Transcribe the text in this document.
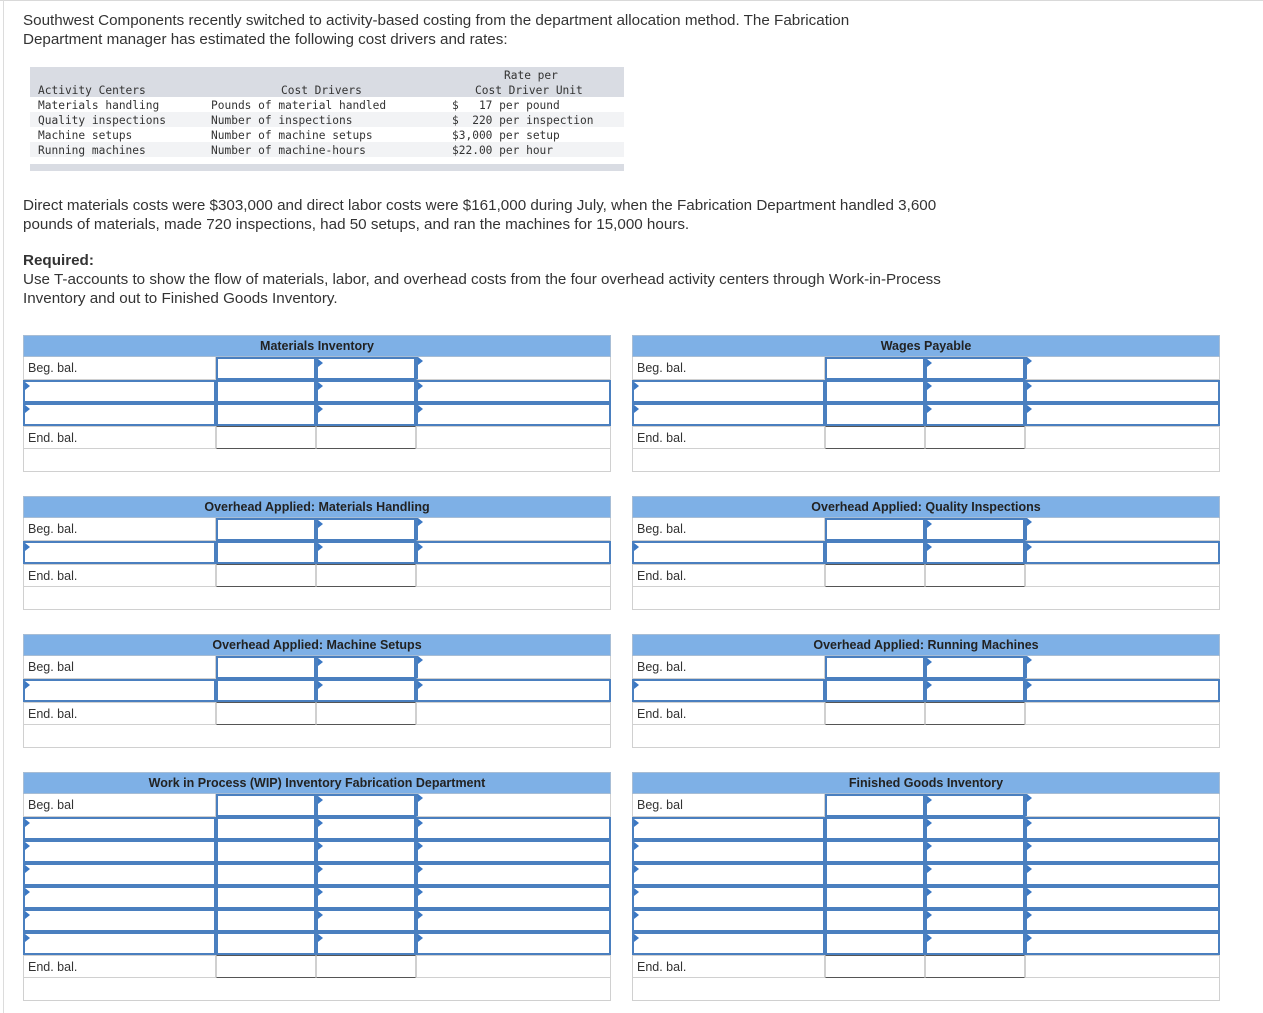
Southwest Components recently switched to activity-based costing from the department allocation method. The Fabrication Department manager has estimated the following cost drivers and rates:

Rate per
Activity Centers	Cost Drivers	Cost Driver Unit
Materials handling	Pounds of material handled	$   17 per pound
Quality inspections	Number of inspections	$  220 per inspection
Machine setups	Number of machine setups	$3,000 per setup
Running machines	Number of machine-hours	$22.00 per hour

Direct materials costs were $303,000 and direct labor costs were $161,000 during July, when the Fabrication Department handled 3,600 pounds of materials, made 720 inspections, had 50 setups, and ran the machines for 15,000 hours.

Required:

Use T-accounts to show the flow of materials, labor, and overhead costs from the four overhead activity centers through Work-in-Process Inventory and out to Finished Goods Inventory.

Materials Inventory
Beg. bal.
End. bal.
Wages Payable
Beg. bal.
End. bal.
Overhead Applied: Materials Handling
Beg. bal.
End. bal.
Overhead Applied: Quality Inspections
Beg. bal.
End. bal.
Overhead Applied: Machine Setups
Beg. bal
End. bal.
Overhead Applied: Running Machines
Beg. bal.
End. bal.
Work in Process (WIP) Inventory Fabrication Department
Beg. bal
End. bal.
Finished Goods Inventory
Beg. bal
End. bal.
